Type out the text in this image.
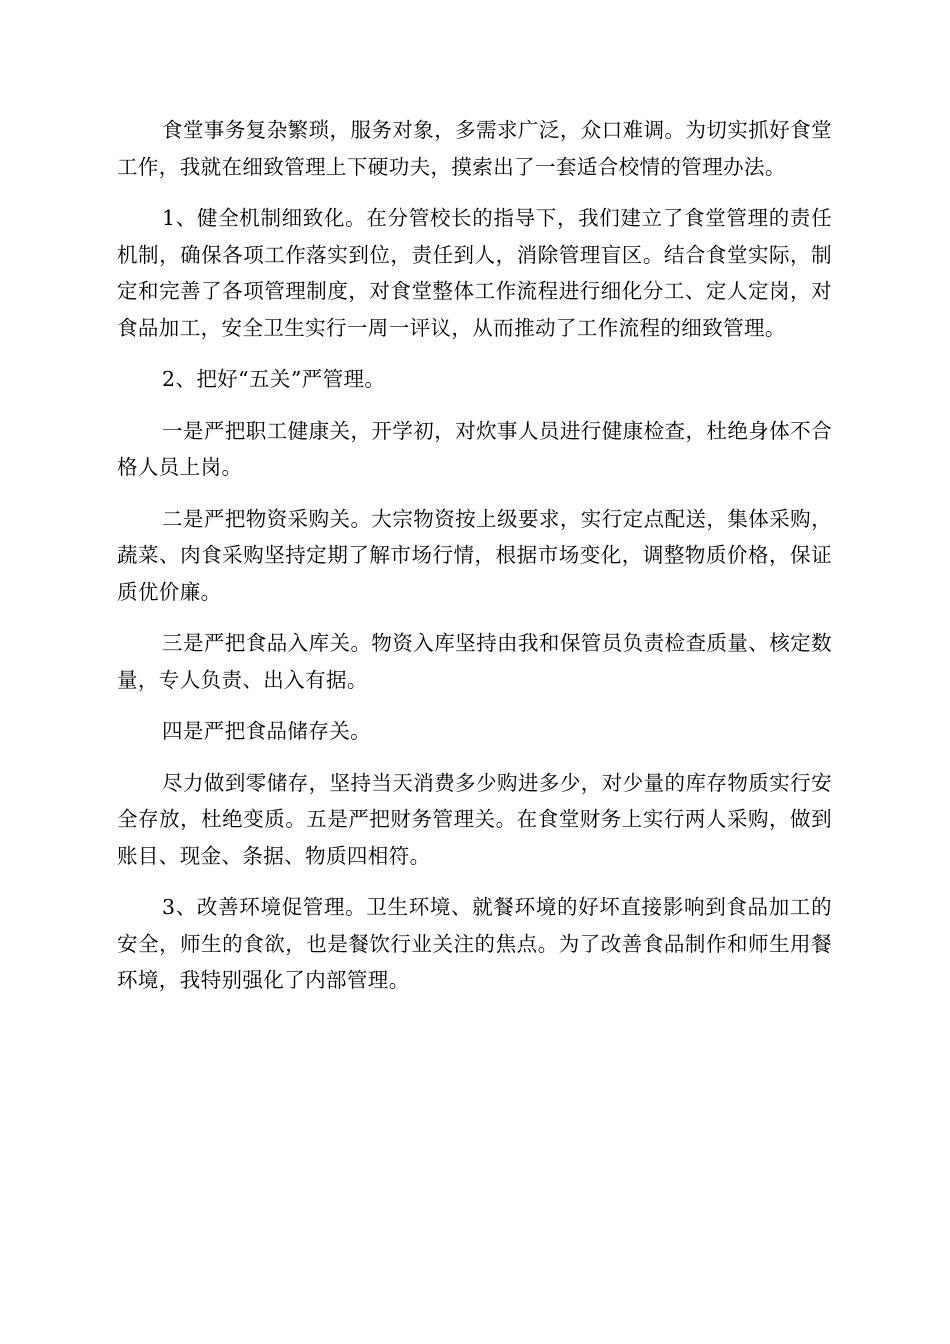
食堂事务复杂繁琐，服务对象，多需求广泛，众口难调。为切实抓好食堂工作，我就在细致管理上下硬功夫，摸索出了一套适合校情的管理办法。

1、健全机制细致化。在分管校长的指导下，我们建立了食堂管理的责任机制，确保各项工作落实到位，责任到人，消除管理盲区。结合食堂实际，制定和完善了各项管理制度，对食堂整体工作流程进行细化分工、定人定岗，对食品加工，安全卫生实行一周一评议，从而推动了工作流程的细致管理。

2、把好“五关”严管理。

一是严把职工健康关，开学初，对炊事人员进行健康检查，杜绝身体不合格人员上岗。

二是严把物资采购关。大宗物资按上级要求，实行定点配送，集体采购，蔬菜、肉食采购坚持定期了解市场行情，根据市场变化，调整物质价格，保证质优价廉。

三是严把食品入库关。物资入库坚持由我和保管员负责检查质量、核定数量，专人负责、出入有据。

四是严把食品储存关。

尽力做到零储存，坚持当天消费多少购进多少，对少量的库存物质实行安全存放，杜绝变质。五是严把财务管理关。在食堂财务上实行两人采购，做到账目、现金、条据、物质四相符。

3、改善环境促管理。卫生环境、就餐环境的好坏直接影响到食品加工的安全，师生的食欲，也是餐饮行业关注的焦点。为了改善食品制作和师生用餐环境，我特别强化了内部管理。
